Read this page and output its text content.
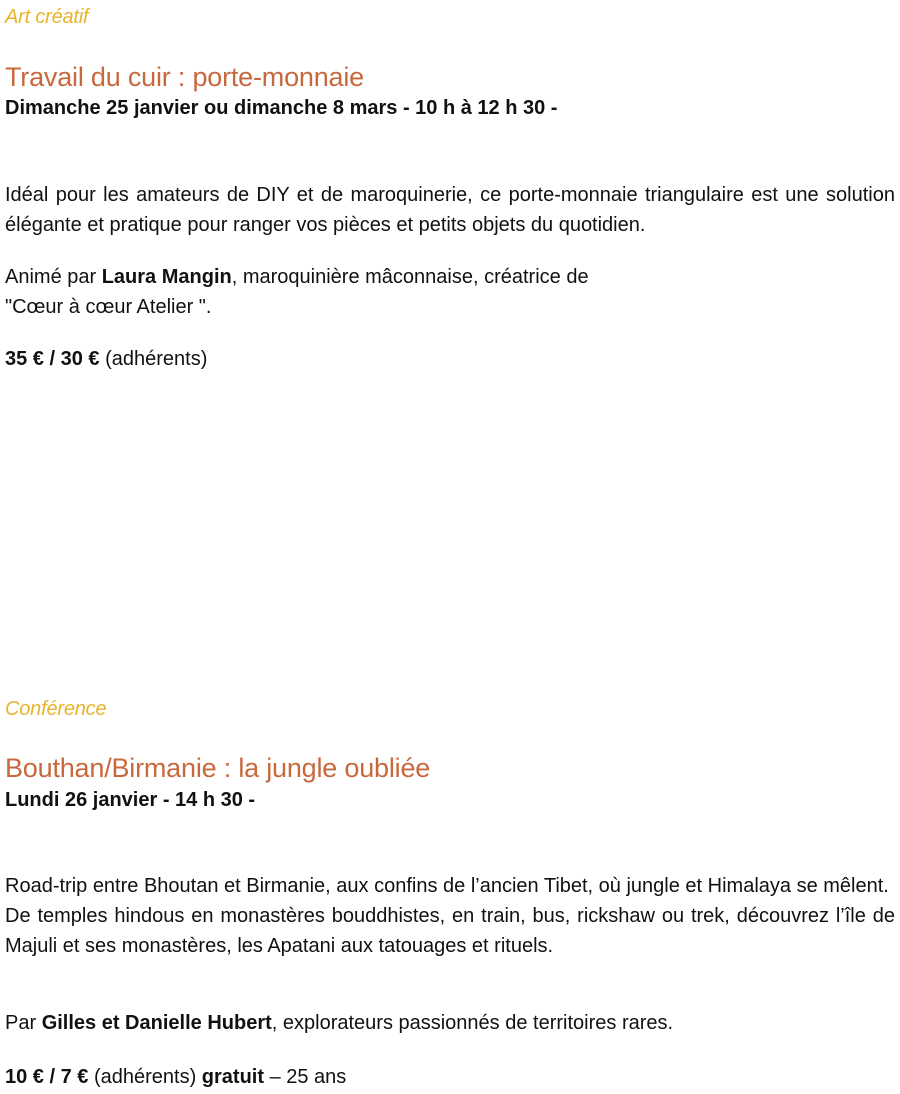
Art créatif

Travail du cuir : porte-monnaie

Dimanche 25 janvier ou dimanche 8 mars - 10 h à 12 h 30 -

Idéal pour les amateurs de DIY et de maroquinerie, ce porte-monnaie triangulaire est une solution élégante et pratique pour ranger vos pièces et petits objets du quotidien.

Animé par Laura Mangin, maroquinière mâconnaise, créatrice de
"Cœur à cœur Atelier ".

35 € / 30 € (adhérents)

Conférence

Bouthan/Birmanie : la jungle oubliée

Lundi 26 janvier - 14 h 30 -

Road-trip entre Bhoutan et Birmanie, aux confins de l’ancien Tibet, où jungle et Himalaya se mêlent.
De temples hindous en monastères bouddhistes, en train, bus, rickshaw ou trek, découvrez l’île de Majuli et ses monastères, les Apatani aux tatouages et rituels.

Par Gilles et Danielle Hubert, explorateurs passionnés de territoires rares.

10 € / 7 € (adhérents) gratuit – 25 ans
